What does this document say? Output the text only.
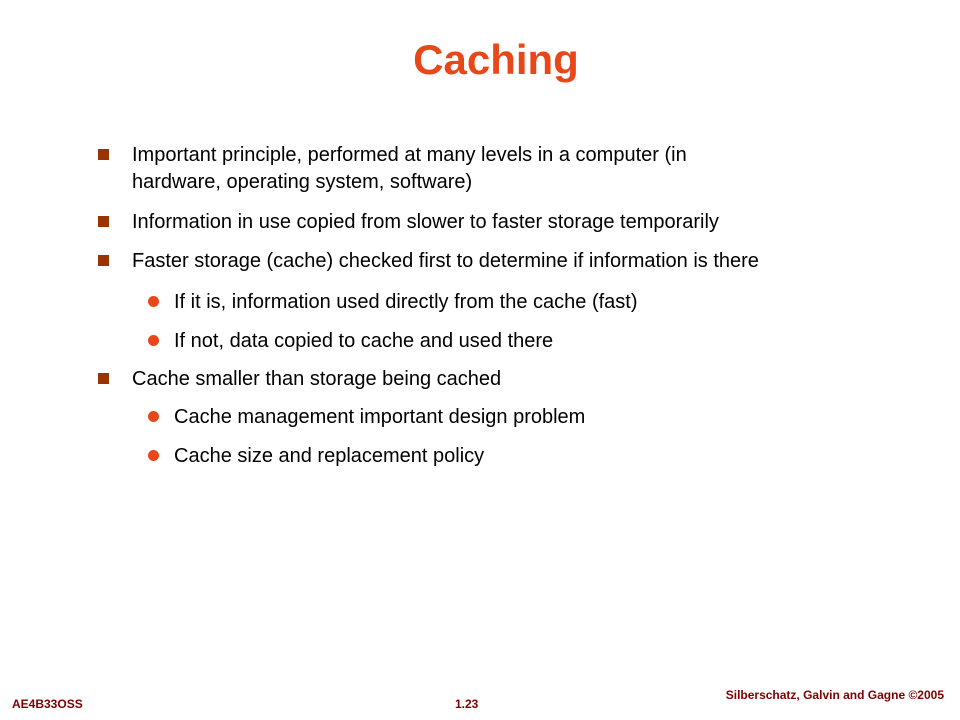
Caching
Important principle, performed at many levels in a computer (in
hardware, operating system, software)
Information in use copied from slower to faster storage temporarily
Faster storage (cache) checked first to determine if information is there
If it is, information used directly from the cache (fast)
If not, data copied to cache and used there
Cache smaller than storage being cached
Cache management important design problem
Cache size and replacement policy
AE4B33OSS	1.23
Silberschatz, Galvin and Gagne ©2005
